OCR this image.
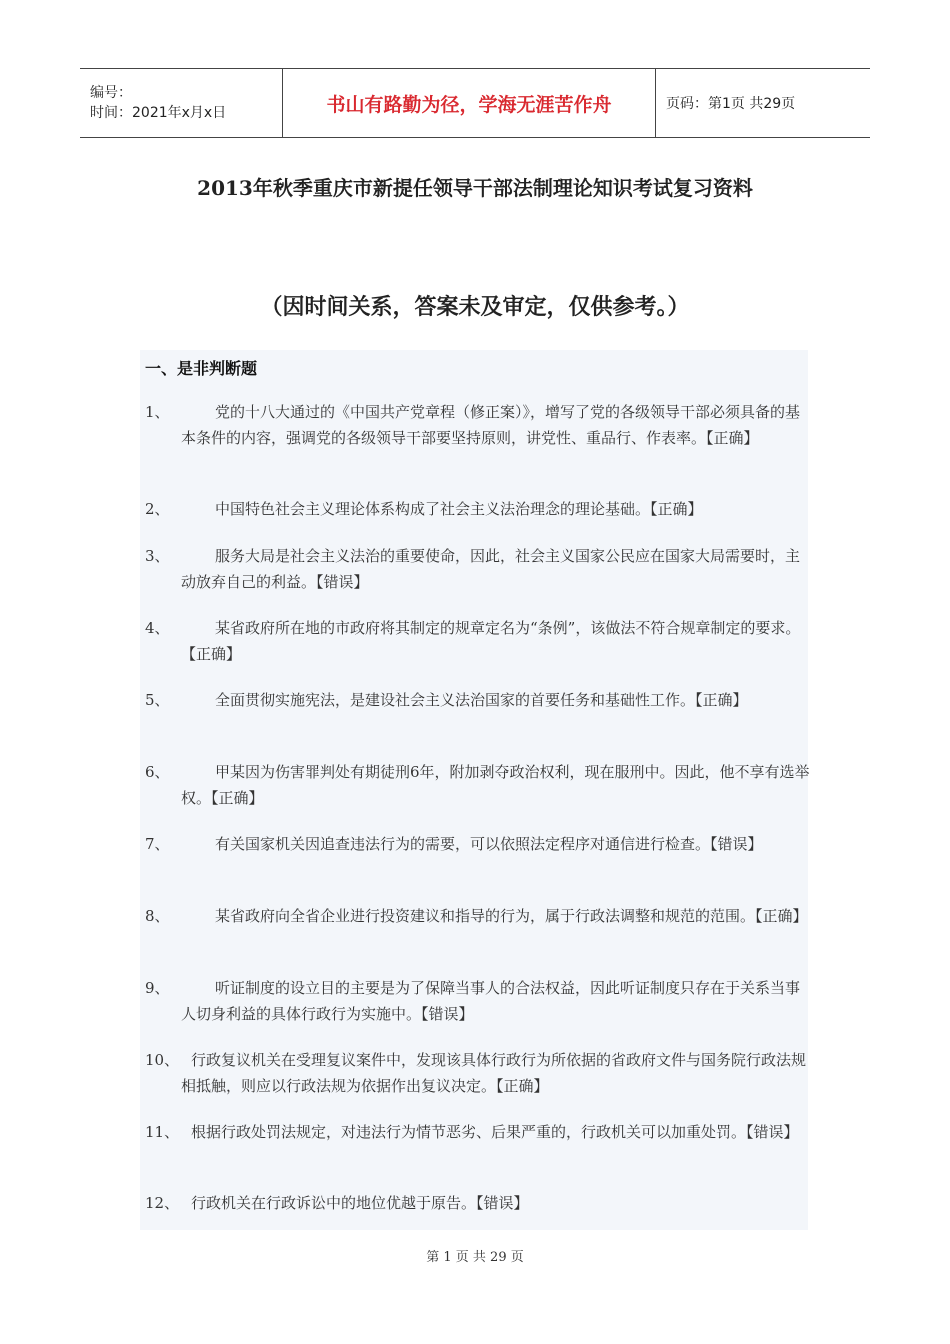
编号：
时间：2021年x月x日	书山有路勤为径，学海无涯苦作舟	页码：第1页 共29页
2013年秋季重庆市新提任领导干部法制理论知识考试复习资料
（因时间关系，答案未及审定，仅供参考。）
一、是非判断题
1、	党的十八大通过的《中国共产党章程（修正案）》，增写了党的各级领导干部必须具备的基本条件的内容，强调党的各级领导干部要坚持原则，讲党性、重品行、作表率。【正确】
2、	中国特色社会主义理论体系构成了社会主义法治理念的理论基础。【正确】
3、	服务大局是社会主义法治的重要使命，因此，社会主义国家公民应在国家大局需要时，主动放弃自己的利益。【错误】
4、	某省政府所在地的市政府将其制定的规章定名为“条例”，该做法不符合规章制定的要求。【正确】
5、	全面贯彻实施宪法，是建设社会主义法治国家的首要任务和基础性工作。【正确】
6、	甲某因为伤害罪判处有期徒刑6年，附加剥夺政治权利，现在服刑中。因此，他不享有选举权。【正确】
7、	有关国家机关因追查违法行为的需要，可以依照法定程序对通信进行检查。【错误】
8、	某省政府向全省企业进行投资建议和指导的行为，属于行政法调整和规范的范围。【正确】
9、	听证制度的设立目的主要是为了保障当事人的合法权益，因此听证制度只存在于关系当事人切身利益的具体行政行为实施中。【错误】
10、 行政复议机关在受理复议案件中，发现该具体行政行为所依据的省政府文件与国务院行政法规相抵触，则应以行政法规为依据作出复议决定。【正确】
11、 根据行政处罚法规定，对违法行为情节恶劣、后果严重的，行政机关可以加重处罚。【错误】
12、 行政机关在行政诉讼中的地位优越于原告。【错误】
第 1 页 共 29 页
